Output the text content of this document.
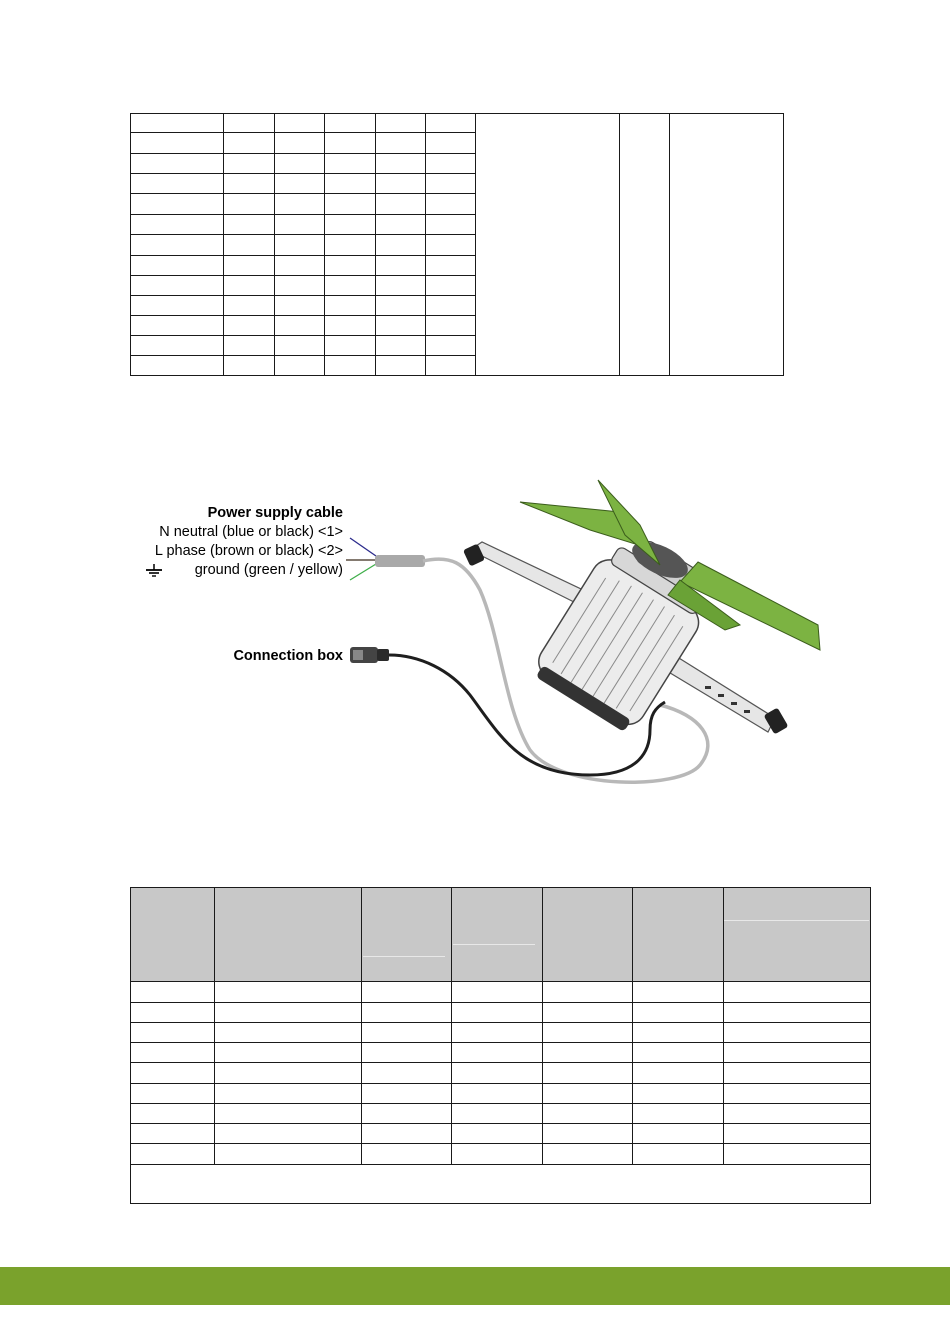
Power supply cable
N neutral (blue or black) <1>
L phase (brown or black) <2>
ground (green / yellow)
Connection box
